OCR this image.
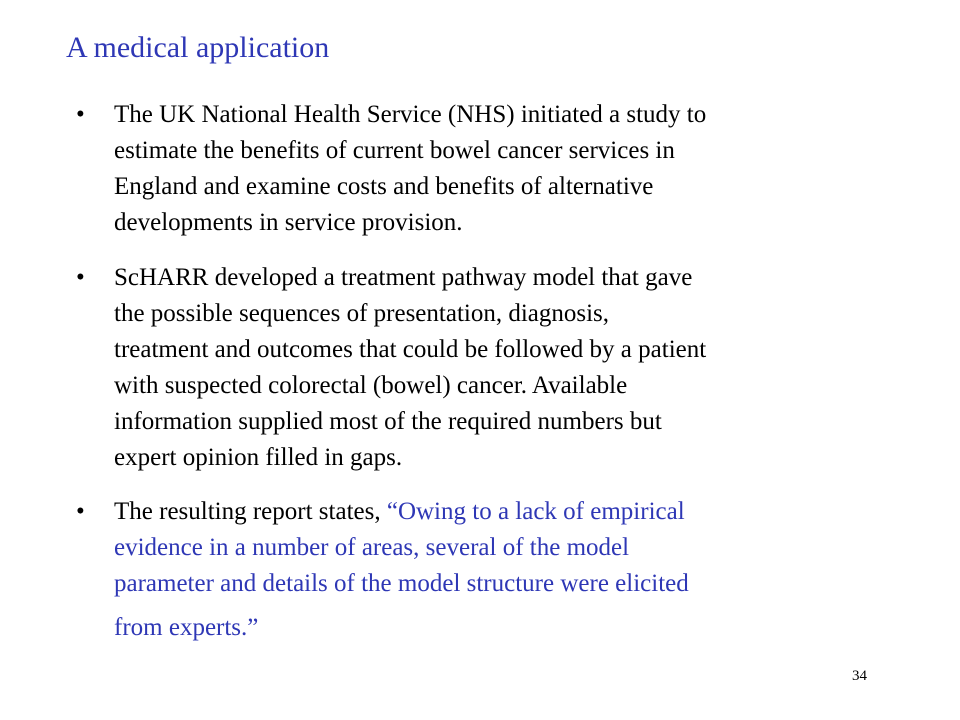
A medical application
• The UK National Health Service (NHS) initiated a study to
estimate the benefits of current bowel cancer services in
England and examine costs and benefits of alternative
developments in service provision.
• ScHARR developed a treatment pathway model that gave
the possible sequences of presentation, diagnosis,
treatment and outcomes that could be followed by a patient
with suspected colorectal (bowel) cancer. Available
information supplied most of the required numbers but
expert opinion filled in gaps.
• The resulting report states, “Owing to a lack of empirical
evidence in a number of areas, several of the model
parameter and details of the model structure were elicited
from experts.”
34
